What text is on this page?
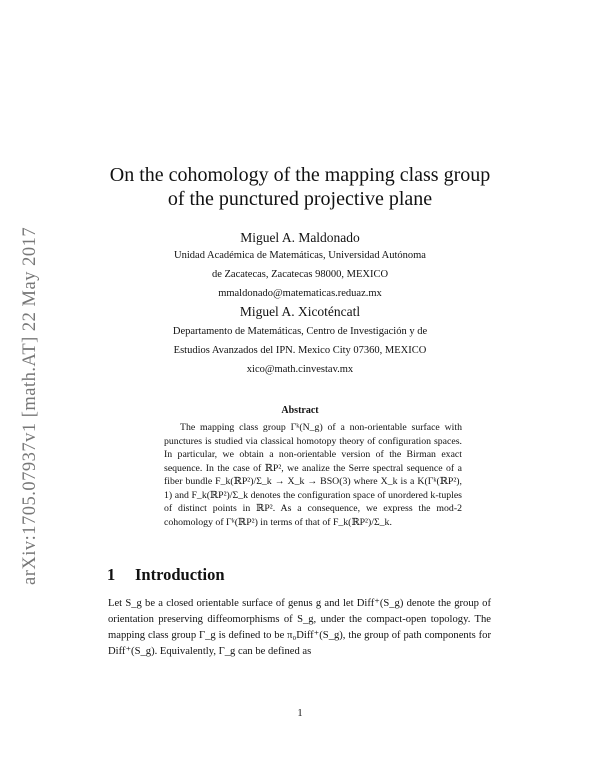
arXiv:1705.07937v1 [math.AT] 22 May 2017
On the cohomology of the mapping class group
of the punctured projective plane
Miguel A. Maldonado
Unidad Académica de Matemáticas, Universidad Autónoma
de Zacatecas, Zacatecas 98000, MEXICO
mmaldonado@matematicas.reduaz.mx
Miguel A. Xicoténcatl
Departamento de Matemáticas, Centro de Investigación y de
Estudios Avanzados del IPN. Mexico City 07360, MEXICO
xico@math.cinvestav.mx
Abstract

The mapping class group Γᵏ(N_g) of a non-orientable surface with punctures is studied via classical homotopy theory of configuration spaces. In particular, we obtain a non-orientable version of the Birman exact sequence. In the case of ℝP², we analize the Serre spectral sequence of a fiber bundle F_k(ℝP²)/Σ_k → X_k → BSO(3) where X_k is a K(Γᵏ(ℝP²), 1) and F_k(ℝP²)/Σ_k denotes the configuration space of unordered k-tuples of distinct points in ℝP². As a consequence, we express the mod-2 cohomology of Γᵏ(ℝP²) in terms of that of F_k(ℝP²)/Σ_k.

1 Introduction

Let S_g be a closed orientable surface of genus g and let Diff⁺(S_g) denote the group of orientation preserving diffeomorphisms of S_g, under the compact-open topology. The mapping class group Γ_g is defined to be π₀Diff⁺(S_g), the group of path components for Diff⁺(S_g). Equivalently, Γ_g can be defined as

1
